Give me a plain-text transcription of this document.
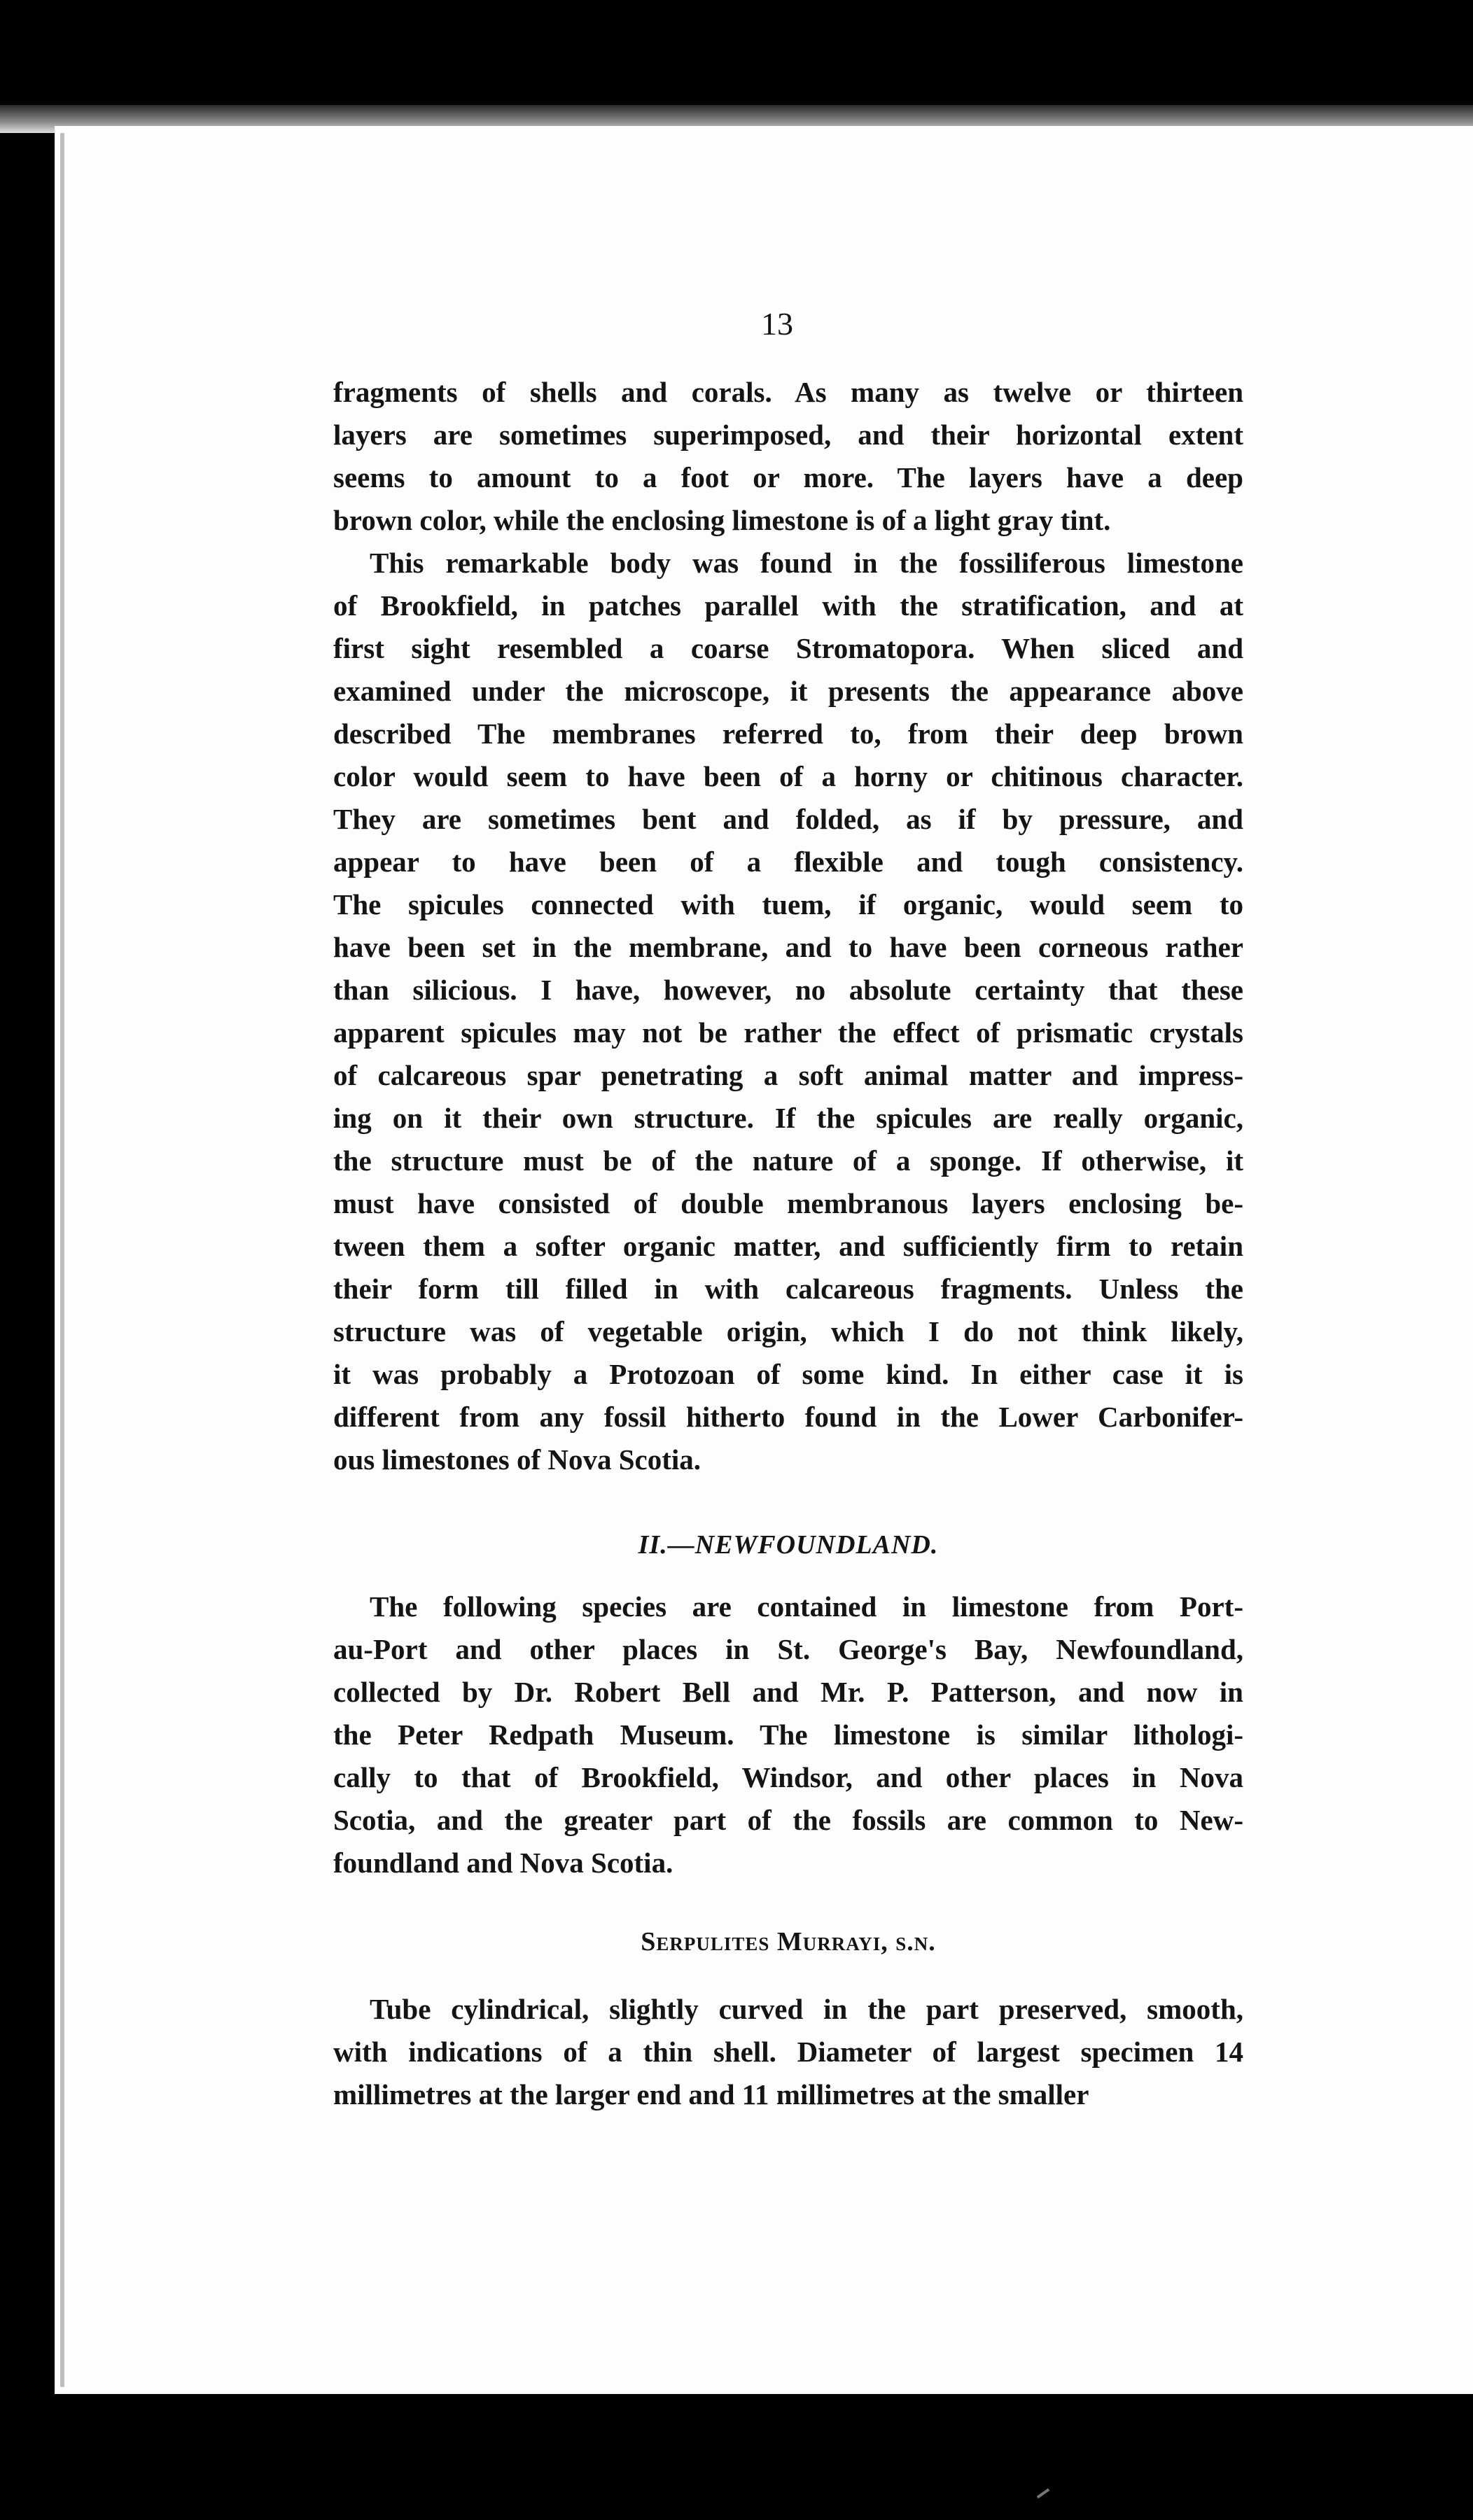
13
fragments of shells and corals. As many as twelve or thirteen
layers are sometimes superimposed, and their horizontal extent
seems to amount to a foot or more. The layers have a deep
brown color, while the enclosing limestone is of a light gray tint.
This remarkable body was found in the fossiliferous limestone
of Brookfield, in patches parallel with the stratification, and at
first sight resembled a coarse Stromatopora. When sliced and
examined under the microscope, it presents the appearance above
described The membranes referred to, from their deep brown
color would seem to have been of a horny or chitinous character.
They are sometimes bent and folded, as if by pressure, and
appear to have been of a flexible and tough consistency.
The spicules connected with tuem, if organic, would seem to
have been set in the membrane, and to have been corneous rather
than silicious. I have, however, no absolute certainty that these
apparent spicules may not be rather the effect of prismatic crystals
of calcareous spar penetrating a soft animal matter and impress-
ing on it their own structure. If the spicules are really organic,
the structure must be of the nature of a sponge. If otherwise, it
must have consisted of double membranous layers enclosing be-
tween them a softer organic matter, and sufficiently firm to retain
their form till filled in with calcareous fragments. Unless the
structure was of vegetable origin, which I do not think likely,
it was probably a Protozoan of some kind. In either case it is
different from any fossil hitherto found in the Lower Carbonifer-
ous limestones of Nova Scotia.
II.—NEWFOUNDLAND.
The following species are contained in limestone from Port-
au-Port and other places in St. George's Bay, Newfoundland,
collected by Dr. Robert Bell and Mr. P. Patterson, and now in
the Peter Redpath Museum. The limestone is similar lithologi-
cally to that of Brookfield, Windsor, and other places in Nova
Scotia, and the greater part of the fossils are common to New-
foundland and Nova Scotia.
Serpulites Murrayi, s.n.
Tube cylindrical, slightly curved in the part preserved, smooth,
with indications of a thin shell. Diameter of largest specimen 14
millimetres at the larger end and 11 millimetres at the smaller
